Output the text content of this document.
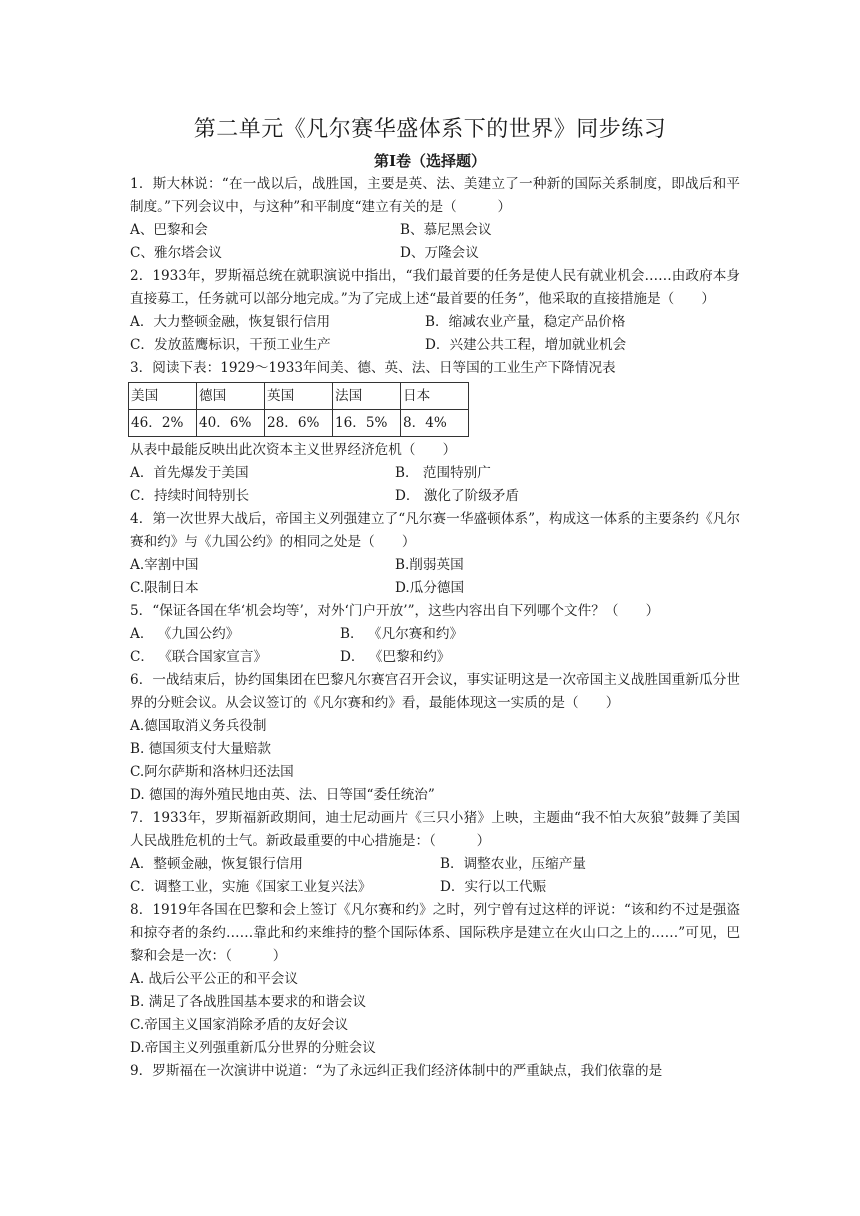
第二单元《凡尔赛华盛体系下的世界》同步练习
第Ⅰ卷（选择题）

1．斯大林说：“在一战以后，战胜国，主要是英、法、美建立了一种新的国际关系制度，即战后和平制度。”下列会议中，与这种”和平制度“建立有关的是（　　　）

A、巴黎和会	B、慕尼黑会议
C、雅尔塔会议	D、万隆会议

2．1933年，罗斯福总统在就职演说中指出，“我们最首要的任务是使人民有就业机会……由政府本身直接募工，任务就可以部分地完成。”为了完成上述“最首要的任务”，他采取的直接措施是（　　）

A．大力整顿金融，恢复银行信用	B．缩减农业产量，稳定产品价格
C．发放蓝鹰标识，干预工业生产	D．兴建公共工程，增加就业机会

3．阅读下表：1929～1933年间美、德、英、法、日等国的工业生产下降情况表

美国	德国	英国	法国	日本
46．2%	40．6%	28．6%	16．5%	8．4%

从表中最能反映出此次资本主义世界经济危机（　　）

A．首先爆发于美国	B． 范围特别广
C．持续时间特别长	D． 激化了阶级矛盾

4．第一次世界大战后，帝国主义列强建立了“凡尔赛一华盛顿体系”，构成这一体系的主要条约《凡尔赛和约》与《九国公约》的相同之处是（　　）

A.宰割中国	B.削弱英国
C.限制日本	D.瓜分德国

5．“保证各国在华‘机会均等’，对外‘门户开放’”，这些内容出自下列哪个文件？（　　）

A． 《九国公约》	B． 《凡尔赛和约》
C． 《联合国家宣言》	D． 《巴黎和约》

6．一战结束后，协约国集团在巴黎凡尔赛宫召开会议，事实证明这是一次帝国主义战胜国重新瓜分世界的分赃会议。从会议签订的《凡尔赛和约》看，最能体现这一实质的是（　　）

A.德国取消义务兵役制
B. 德国须支付大量赔款
C.阿尔萨斯和洛林归还法国
D. 德国的海外殖民地由英、法、日等国“委任统治”

7．1933年，罗斯福新政期间，迪士尼动画片《三只小猪》上映，主题曲“我不怕大灰狼”鼓舞了美国人民战胜危机的士气。新政最重要的中心措施是：（　　　）

A．整顿金融，恢复银行信用	B．调整农业，压缩产量
C．调整工业，实施《国家工业复兴法》	D．实行以工代赈

8．1919年各国在巴黎和会上签订《凡尔赛和约》之时，列宁曾有过这样的评说：“该和约不过是强盗和掠夺者的条约……靠此和约来维持的整个国际体系、国际秩序是建立在火山口之上的……”可见，巴黎和会是一次：（　　　）

A. 战后公平公正的和平会议
B. 满足了各战胜国基本要求的和谐会议
C.帝国主义国家消除矛盾的友好会议
D.帝国主义列强重新瓜分世界的分赃会议

9．罗斯福在一次演讲中说道：“为了永远纠正我们经济体制中的严重缺点，我们依靠的是
